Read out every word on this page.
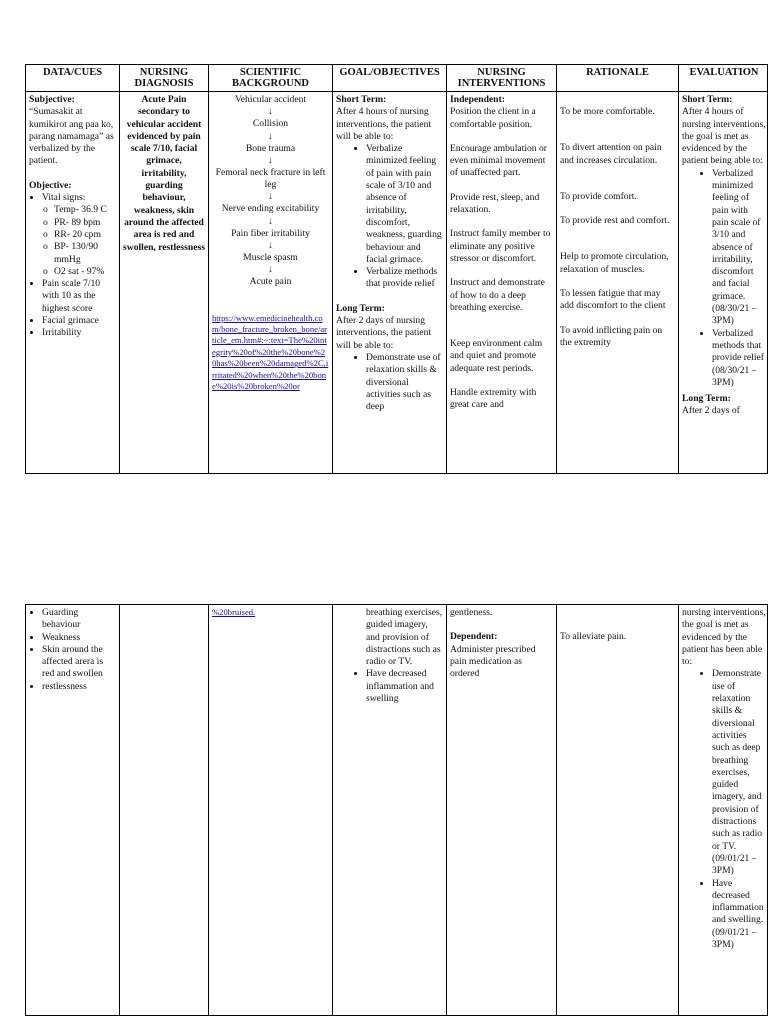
DATA/CUES

Subjective:

“Sumasakit at kumikirot ang paa ko, parang namamaga” as verbalized by the patient.

Objective:

• Vital signs:
o Temp- 36.9 C
o PR- 89 bpm
o RR- 20 cpm
o BP- 130/90 mmHg
o O2 sat - 97%
• Pain scale 7/10 with 10 as the highest score
• Facial grimace
• Irritability
NURSING DIAGNOSIS
Acute Pain secondary to vehicular accident evidenced by pain scale 7/10, facial grimace, irritability, guarding behaviour, weakness, skin around the affected area is red and swollen, restlessness
SCIENTIFIC BACKGROUND

Vehicular accident

↓

Collision

↓

Bone trauma

↓

Femoral neck fracture in left leg

↓

Nerve ending excitability

↓

Pain fiber irritability

↓

Muscle spasm

↓

Acute pain

https://www.emedicinehealth.com/bone_fracture_broken_bone/article_em.htm#:~:text=The%20integrity%20of%20the%20bone%20has%20been%20damaged%2C,irritated%20when%20the%20bone%20is%20broken%20or

GOAL/OBJECTIVES

Short Term:

After 4 hours of nursing interventions, the patient will be able to:

• Verbalize minimized feeling of pain with pain scale of 3/10 and absence of irritability, discomfort, weakness, guarding behaviour and facial grimace.
• Verbalize methods that provide relief

Long Term:

After 2 days of nursing interventions, the patient will be able to:

• Demonstrate use of relaxation skills & diversional activities such as deep
NURSING INTERVENTIONS

Independent:

Position the client in a comfortable position.

Encourage ambulation or even minimal movement of unaffected part.

Provide rest, sleep, and relaxation.

Instruct family member to eliminate any positive stressor or discomfort.

Instruct and demonstrate of how to do a deep breathing exercise.

Keep environment calm and quiet and promote adequate rest periods.

Handle extremity with great care and

RATIONALE

To be more comfortable.

To divert attention on pain and increases circulation.

To provide comfort.

To provide rest and comfort.

Help to promote circulation, relaxation of muscles.

To lessen fatigue that may add discomfort to the client

To avoid inflicting pain on the extremity

EVALUATION

Short Term:

After 4 hours of nursing interventions, the goal is met as evidenced by the patient being able to:

• Verbalized minimized feeling of pain with pain scale of 3/10 and absence of irritability, discomfort and facial grimace. (08/30/21 – 3PM)
• Verbalized methods that provide relief (08/30/21 – 3PM)

Long Term:

After 2 days of

• Guarding behaviour
• Weakness
• Skin around the affected arera is red and swollen
• restlessness

%20bruised.	breathing exercises, guided imagery, and provision of distractions such as radio or TV.
• Have decreased inflammation and swelling

gentleness.

Dependent:

Administer prescribed pain medication as ordered

To alleviate pain.

nursing interventions, the goal is met as evidenced by the patient has been able to:

• Demonstrate use of relaxation skills & diversional activities such as deep breathing exercises, guided imagery, and provision of distractions such as radio or TV. (09/01/21 – 3PM)
• Have decreased inflammation and swelling. (09/01/21 – 3PM)
